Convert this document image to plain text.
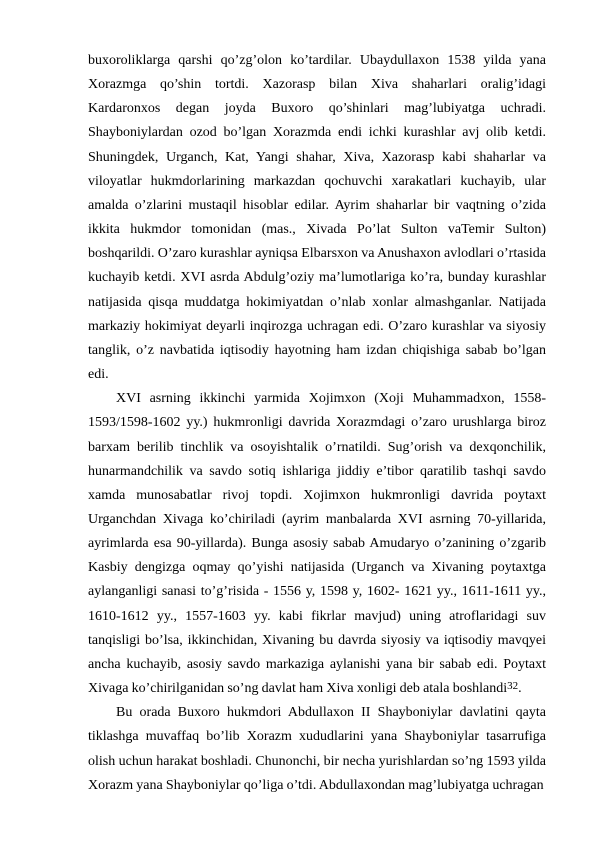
buxoroliklarga qarshi qo’zg’olon ko’tardilar. Ubaydullaxon 1538 yilda yana Xorazmga qo’shin tortdi. Xazorasp bilan Xiva shaharlari oralig’idagi Kardaronxos degan joyda Buxoro qo’shinlari mag’lubiyatga uchradi. Shayboniylardan ozod bo’lgan Xorazmda endi ichki kurashlar avj olib ketdi. Shuningdek, Urganch, Kat, Yangi shahar, Xiva, Xazorasp kabi shaharlar va viloyatlar hukmdorlarining markazdan qochuvchi xarakatlari kuchayib, ular amalda o’zlarini mustaqil hisoblar edilar. Ayrim shaharlar bir vaqtning o’zida ikkita hukmdor tomonidan (mas., Xivada Po’lat Sulton vaTemir Sulton) boshqarildi. O’zaro kurashlar ayniqsa Elbarsxon va Anushaxon avlodlari o’rtasida kuchayib ketdi. XVI asrda Abdulg’oziy ma’lumotlariga ko’ra, bunday kurashlar natijasida qisqa muddatga hokimiyatdan o’nlab xonlar almashganlar. Natijada markaziy hokimiyat deyarli inqirozga uchragan edi. O’zaro kurashlar va siyosiy tanglik, o’z navbatida iqtisodiy hayotning ham izdan chiqishiga sabab bo’lgan edi.

XVI asrning ikkinchi yarmida Xojimxon (Xoji Muhammadxon, 1558-1593/1598-1602 yy.) hukmronligi davrida Xorazmdagi o’zaro urushlarga biroz barxam berilib tinchlik va osoyishtalik o’rnatildi. Sug’orish va dexqonchilik, hunarmandchilik va savdo sotiq ishlariga jiddiy e’tibor qaratilib tashqi savdo xamda munosabatlar rivoj topdi. Xojimxon hukmronligi davrida poytaxt Urganchdan Xivaga ko’chiriladi (ayrim manbalarda XVI asrning 70-yillarida, ayrimlarda esa 90-yillarda). Bunga asosiy sabab Amudaryo o’zanining o’zgarib Kasbiy dengizga oqmay qo’yishi natijasida (Urganch va Xivaning poytaxtga aylanganligi sanasi to’g’risida - 1556 y, 1598 y, 1602- 1621 yy., 1611-1611 yy., 1610-1612 yy., 1557-1603 yy. kabi fikrlar mavjud) uning atroflaridagi suv tanqisligi bo’lsa, ikkinchidan, Xivaning bu davrda siyosiy va iqtisodiy mavqyei ancha kuchayib, asosiy savdo markaziga aylanishi yana bir sabab edi. Poytaxt Xivaga ko’chirilganidan so’ng davlat ham Xiva xonligi deb atala boshlandi$^{32}$.

Bu orada Buxoro hukmdori Abdullaxon II Shayboniylar davlatini qayta tiklashga muvaffaq bo’lib Xorazm xududlarini yana Shayboniylar tasarrufiga olish uchun harakat boshladi. Chunonchi, bir necha yurishlardan so’ng 1593 yilda Xorazm yana Shayboniylar qo’liga o’tdi. Abdullaxondan mag’lubiyatga uchragan
